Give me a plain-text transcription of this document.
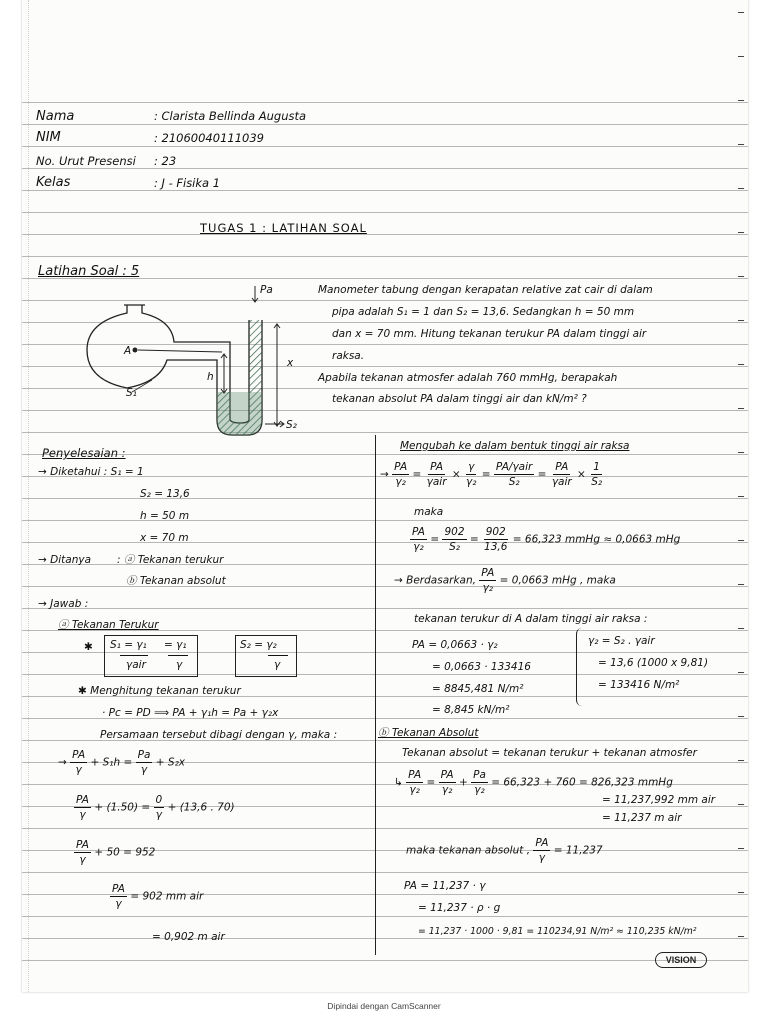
Nama	: Clarista Bellinda Augusta
NIM	: 21060040111039
No. Urut Presensi : 23
Kelas	: J - Fisika 1
TUGAS 1 : LATIHAN SOAL
Latihan Soal : 5
Manometer tabung dengan kerapatan relative zat cair di dalam
pipa adalah S₁ = 1 dan S₂ = 13,6. Sedangkan h = 50 mm
dan x = 70 mm. Hitung tekanan terukur PA dalam tinggi air
raksa.
Apabila tekanan atmosfer adalah 760 mmHg, berapakah
tekanan absolut PA dalam tinggi air dan kN/m² ?
Pa
A
h
x
S₁
S₂
Penyelesaian :
→ Diketahui : S₁ = 1
S₂ = 13,6
h = 50 m
x = 70 m
→ Ditanya : ⓐ Tekanan terukur
ⓑ Tekanan absolut
→ Jawab :
ⓐ Tekanan Terukur
✱ S₁ = γ₁ = γ₁
γair	γ
S₂ = γ₂
γ
✱ Menghitung tekanan terukur
· Pc = PD ⟹ PA + γ₁h = Pa + γ₂x
Persamaan tersebut dibagi dengan γ, maka :
→ $\frac{PA}{\gamma} + S_1h = \frac{Pa}{\gamma} + S_2x$
$\frac{PA}{\gamma} + (1.50) = \frac{0}{\gamma} + (13,6$ . 70)
$\frac{PA}{\gamma} + 50 = 952$
$\frac{PA}{\gamma} = 902$ mm air
= 0,902 m air
Mengubah ke dalam bentuk tinggi air raksa
→ $\frac{PA}{\text{γ₂}} = \frac{PA}{\text{γair}} \times \frac{\gamma}{\text{γ₂}} = \frac{\text{PA/γair}}{\text{S₂}} = \frac{PA}{\text{γair}} \times \frac{1}{\text{S₂}}$
maka
$\frac{PA}{\text{γ₂}} = \frac{902}{\text{S₂}} = \frac{902}{13,6} = 66,323$ mmHg ≈ 0,0663 mHg
→ Berdasarkan, $\frac{PA}{\text{γ₂}} = 0,0663$ mHg , maka
tekanan terukur di A dalam tinggi air raksa :
PA = 0,0663 · γ₂
= 0,0663 · 133416
= 8845,481 N/m²
= 8,845 kN/m²
γ₂ = S₂ . γair
= 13,6 (1000 x 9,81)
= 133416 N/m²
ⓑ Tekanan Absolut
Tekanan absolut = tekanan terukur + tekanan atmosfer
↳ $\frac{PA}{\text{γ₂}} = \frac{PA}{\text{γ₂}} + \frac{Pa}{\text{γ₂}} = 66,323 + 760 = 826,323$ mmHg
= 11,237,992 mm air
= 11,237 m air
maka tekanan absolut , $\frac{PA}{\gamma} = 11,237$
PA = 11,237 · γ
= 11,237 · ρ · g
= 11,237 · 1000 · 9,81 = 110234,91 N/m² ≈ 110,235 kN/m²
VISION
Dipindai dengan CamScanner
